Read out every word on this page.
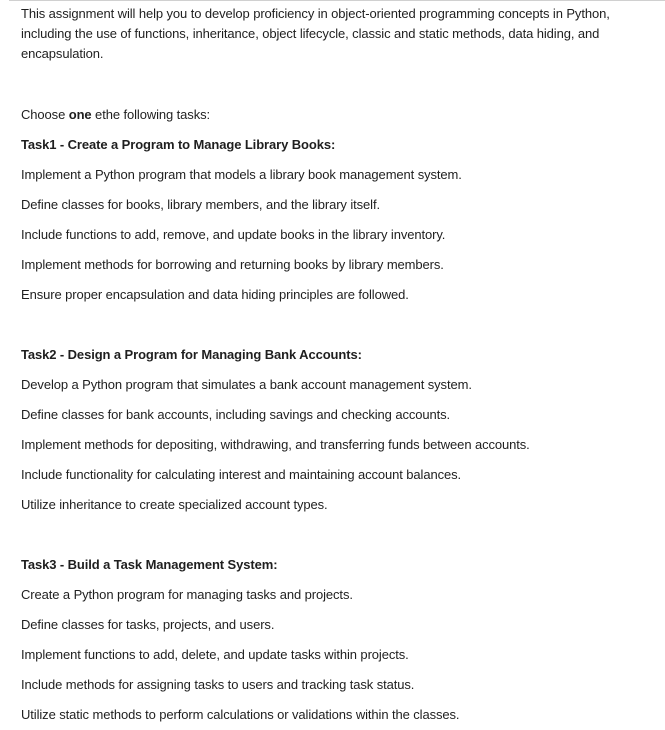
This assignment will help you to develop proficiency in object-oriented programming concepts in Python, including the use of functions, inheritance, object lifecycle, classic and static methods, data hiding, and encapsulation.

Choose one ethe following tasks:

Task1 - Create a Program to Manage Library Books:

Implement a Python program that models a library book management system.

Define classes for books, library members, and the library itself.

Include functions to add, remove, and update books in the library inventory.

Implement methods for borrowing and returning books by library members.

Ensure proper encapsulation and data hiding principles are followed.

Task2 - Design a Program for Managing Bank Accounts:

Develop a Python program that simulates a bank account management system.

Define classes for bank accounts, including savings and checking accounts.

Implement methods for depositing, withdrawing, and transferring funds between accounts.

Include functionality for calculating interest and maintaining account balances.

Utilize inheritance to create specialized account types.

Task3 - Build a Task Management System:

Create a Python program for managing tasks and projects.

Define classes for tasks, projects, and users.

Implement functions to add, delete, and update tasks within projects.

Include methods for assigning tasks to users and tracking task status.

Utilize static methods to perform calculations or validations within the classes.
